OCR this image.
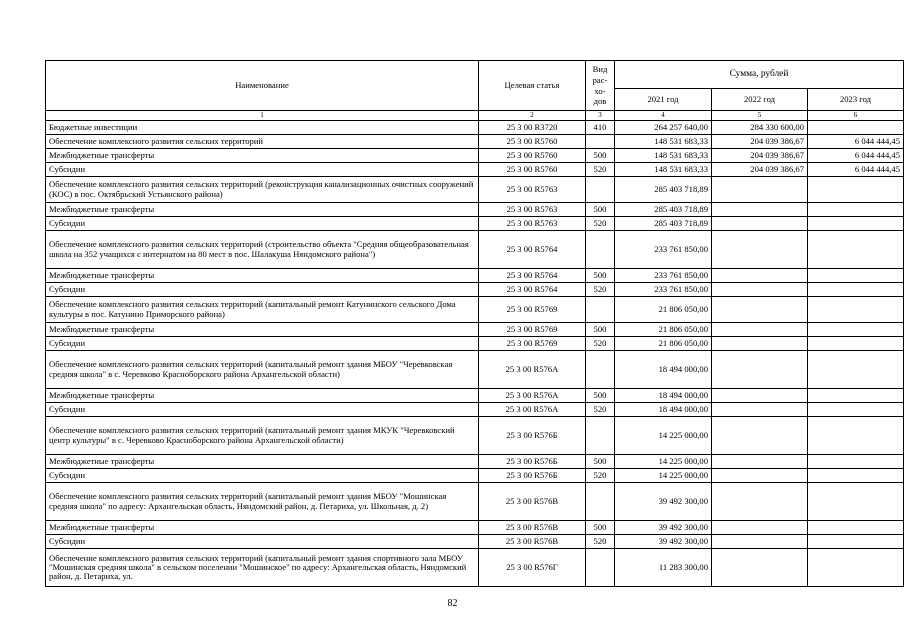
Наименование	Целевая статья	Вид
рас-
хо-
дов	Сумма, рублей		
			2021 год	2022 год	2023 год
1	2	3	4	5	6
Бюджетные инвестиции	25 3 00 R3720	410	264 257 640,00	284 330 600,00	
Обеспечение комплексного развития сельских территорий	25 3 00 R5760		148 531 683,33	204 039 386,67	6 044 444,45
Межбюджетные трансферты	25 3 00 R5760	500	148 531 683,33	204 039 386,67	6 044 444,45
Субсидии	25 3 00 R5760	520	148 531 683,33	204 039 386,67	6 044 444,45
Обеспечение комплексного развития сельских территорий (реконструкция канализационных очистных сооружений (КОС) в пос. Октябрьский Устьянского района)	25 3 00 R5763		285 403 718,89		
Межбюджетные трансферты	25 3 00 R5763	500	285 403 718,89		
Субсидии	25 3 00 R5763	520	285 403 718,89		
Обеспечение комплексного развития сельских территорий (строительство объекта "Средняя общеобразовательная школа на 352 учащихся с интернатом на 80 мест в пос. Шалакуша Няндомского района")	25 3 00 R5764		233 761 850,00		
Межбюджетные трансферты	25 3 00 R5764	500	233 761 850,00		
Субсидии	25 3 00 R5764	520	233 761 850,00		
Обеспечение комплексного развития сельских территорий (капитальный ремонт Катунинского сельского Дома культуры в пос. Катунино Приморского района)	25 3 00 R5769		21 806 050,00		
Межбюджетные трансферты	25 3 00 R5769	500	21 806 050,00		
Субсидии	25 3 00 R5769	520	21 806 050,00		
Обеспечение комплексного развития сельских территорий (капитальный ремонт здания МБОУ "Черевковская средняя школа" в с. Черевково Красноборского района Архангельской области)	25 3 00 R576А		18 494 000,00		
Межбюджетные трансферты	25 3 00 R576А	500	18 494 000,00		
Субсидии	25 3 00 R576А	520	18 494 000,00		
Обеспечение комплексного развития сельских территорий (капитальный ремонт здания МКУК "Черевковский центр культуры" в с. Черевково Красноборского района Архангельской области)	25 3 00 R576Б		14 225 000,00		
Межбюджетные трансферты	25 3 00 R576Б	500	14 225 000,00		
Субсидии	25 3 00 R576Б	520	14 225 000,00		
Обеспечение комплексного развития сельских территорий (капитальный ремонт здания МБОУ "Мошинская средняя школа" по адресу: Архангельская область, Няндомский район, д. Петариха, ул. Школьная, д. 2)	25 3 00 R576В		39 492 300,00		
Межбюджетные трансферты	25 3 00 R576В	500	39 492 300,00		
Субсидии	25 3 00 R576В	520	39 492 300,00		
Обеспечение комплексного развития сельских территорий (капитальный ремонт здания спортивного зала МБОУ "Мошинская средняя школа" в сельском поселении "Мошинское" по адресу: Архангельская область, Няндомский район, д. Петариха, ул.	25 3 00 R576Г		11 283 300,00		
82
